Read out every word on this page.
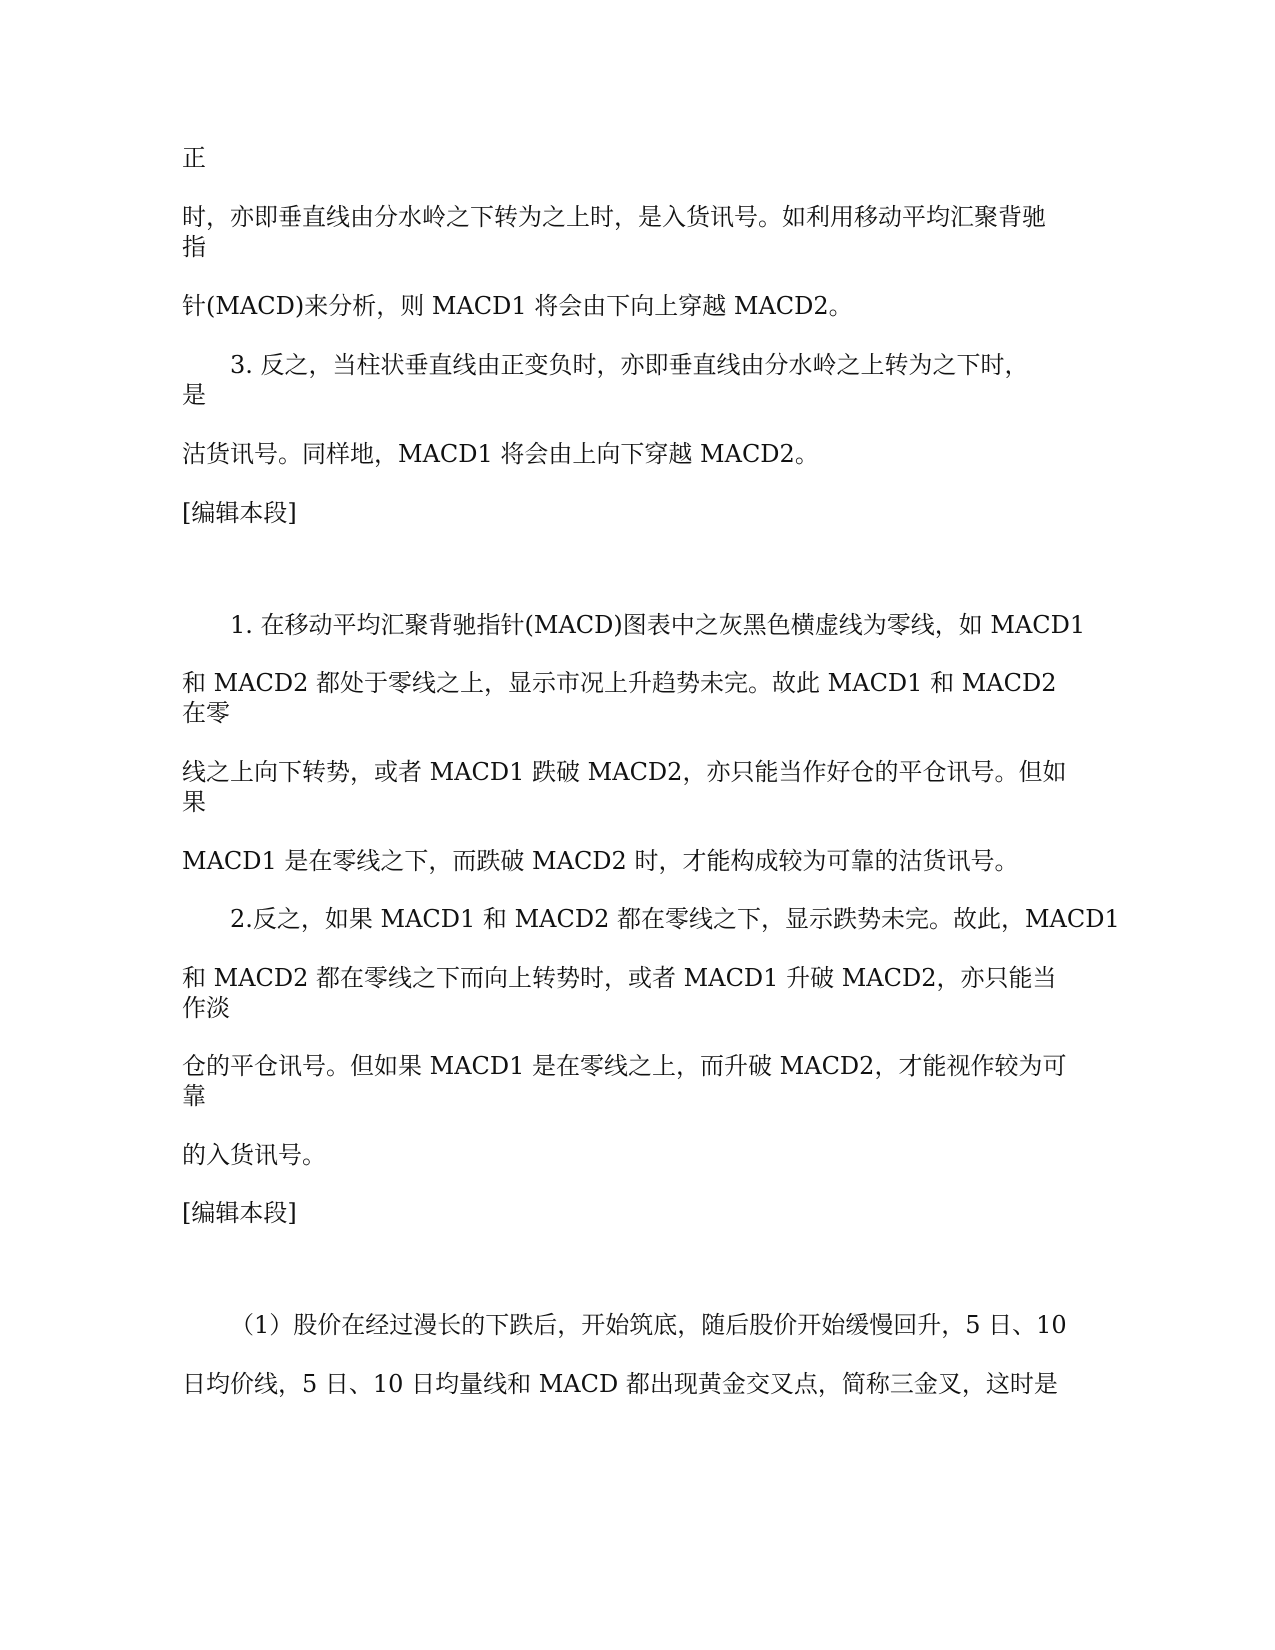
正
时，亦即垂直线由分水岭之下转为之上时，是入货讯号。如利用移动平均汇聚背驰
指
针(MACD)来分析，则 MACD1 将会由下向上穿越 MACD2。
3. 反之，当柱状垂直线由正变负时，亦即垂直线由分水岭之上转为之下时，
是
沽货讯号。同样地，MACD1 将会由上向下穿越 MACD2。
[编辑本段]
1. 在移动平均汇聚背驰指针(MACD)图表中之灰黑色横虚线为零线，如 MACD1
和 MACD2 都处于零线之上，显示市况上升趋势未完。故此 MACD1 和 MACD2
在零
线之上向下转势，或者 MACD1 跌破 MACD2，亦只能当作好仓的平仓讯号。但如
果
MACD1 是在零线之下，而跌破 MACD2 时，才能构成较为可靠的沽货讯号。
2.反之，如果 MACD1 和 MACD2 都在零线之下，显示跌势未完。故此，MACD1
和 MACD2 都在零线之下而向上转势时，或者 MACD1 升破 MACD2，亦只能当
作淡
仓的平仓讯号。但如果 MACD1 是在零线之上，而升破 MACD2，才能视作较为可
靠
的入货讯号。
[编辑本段]
（1）股价在经过漫长的下跌后，开始筑底，随后股价开始缓慢回升，5 日、10
日均价线，5 日、10 日均量线和 MACD 都出现黄金交叉点，简称三金叉，这时是
